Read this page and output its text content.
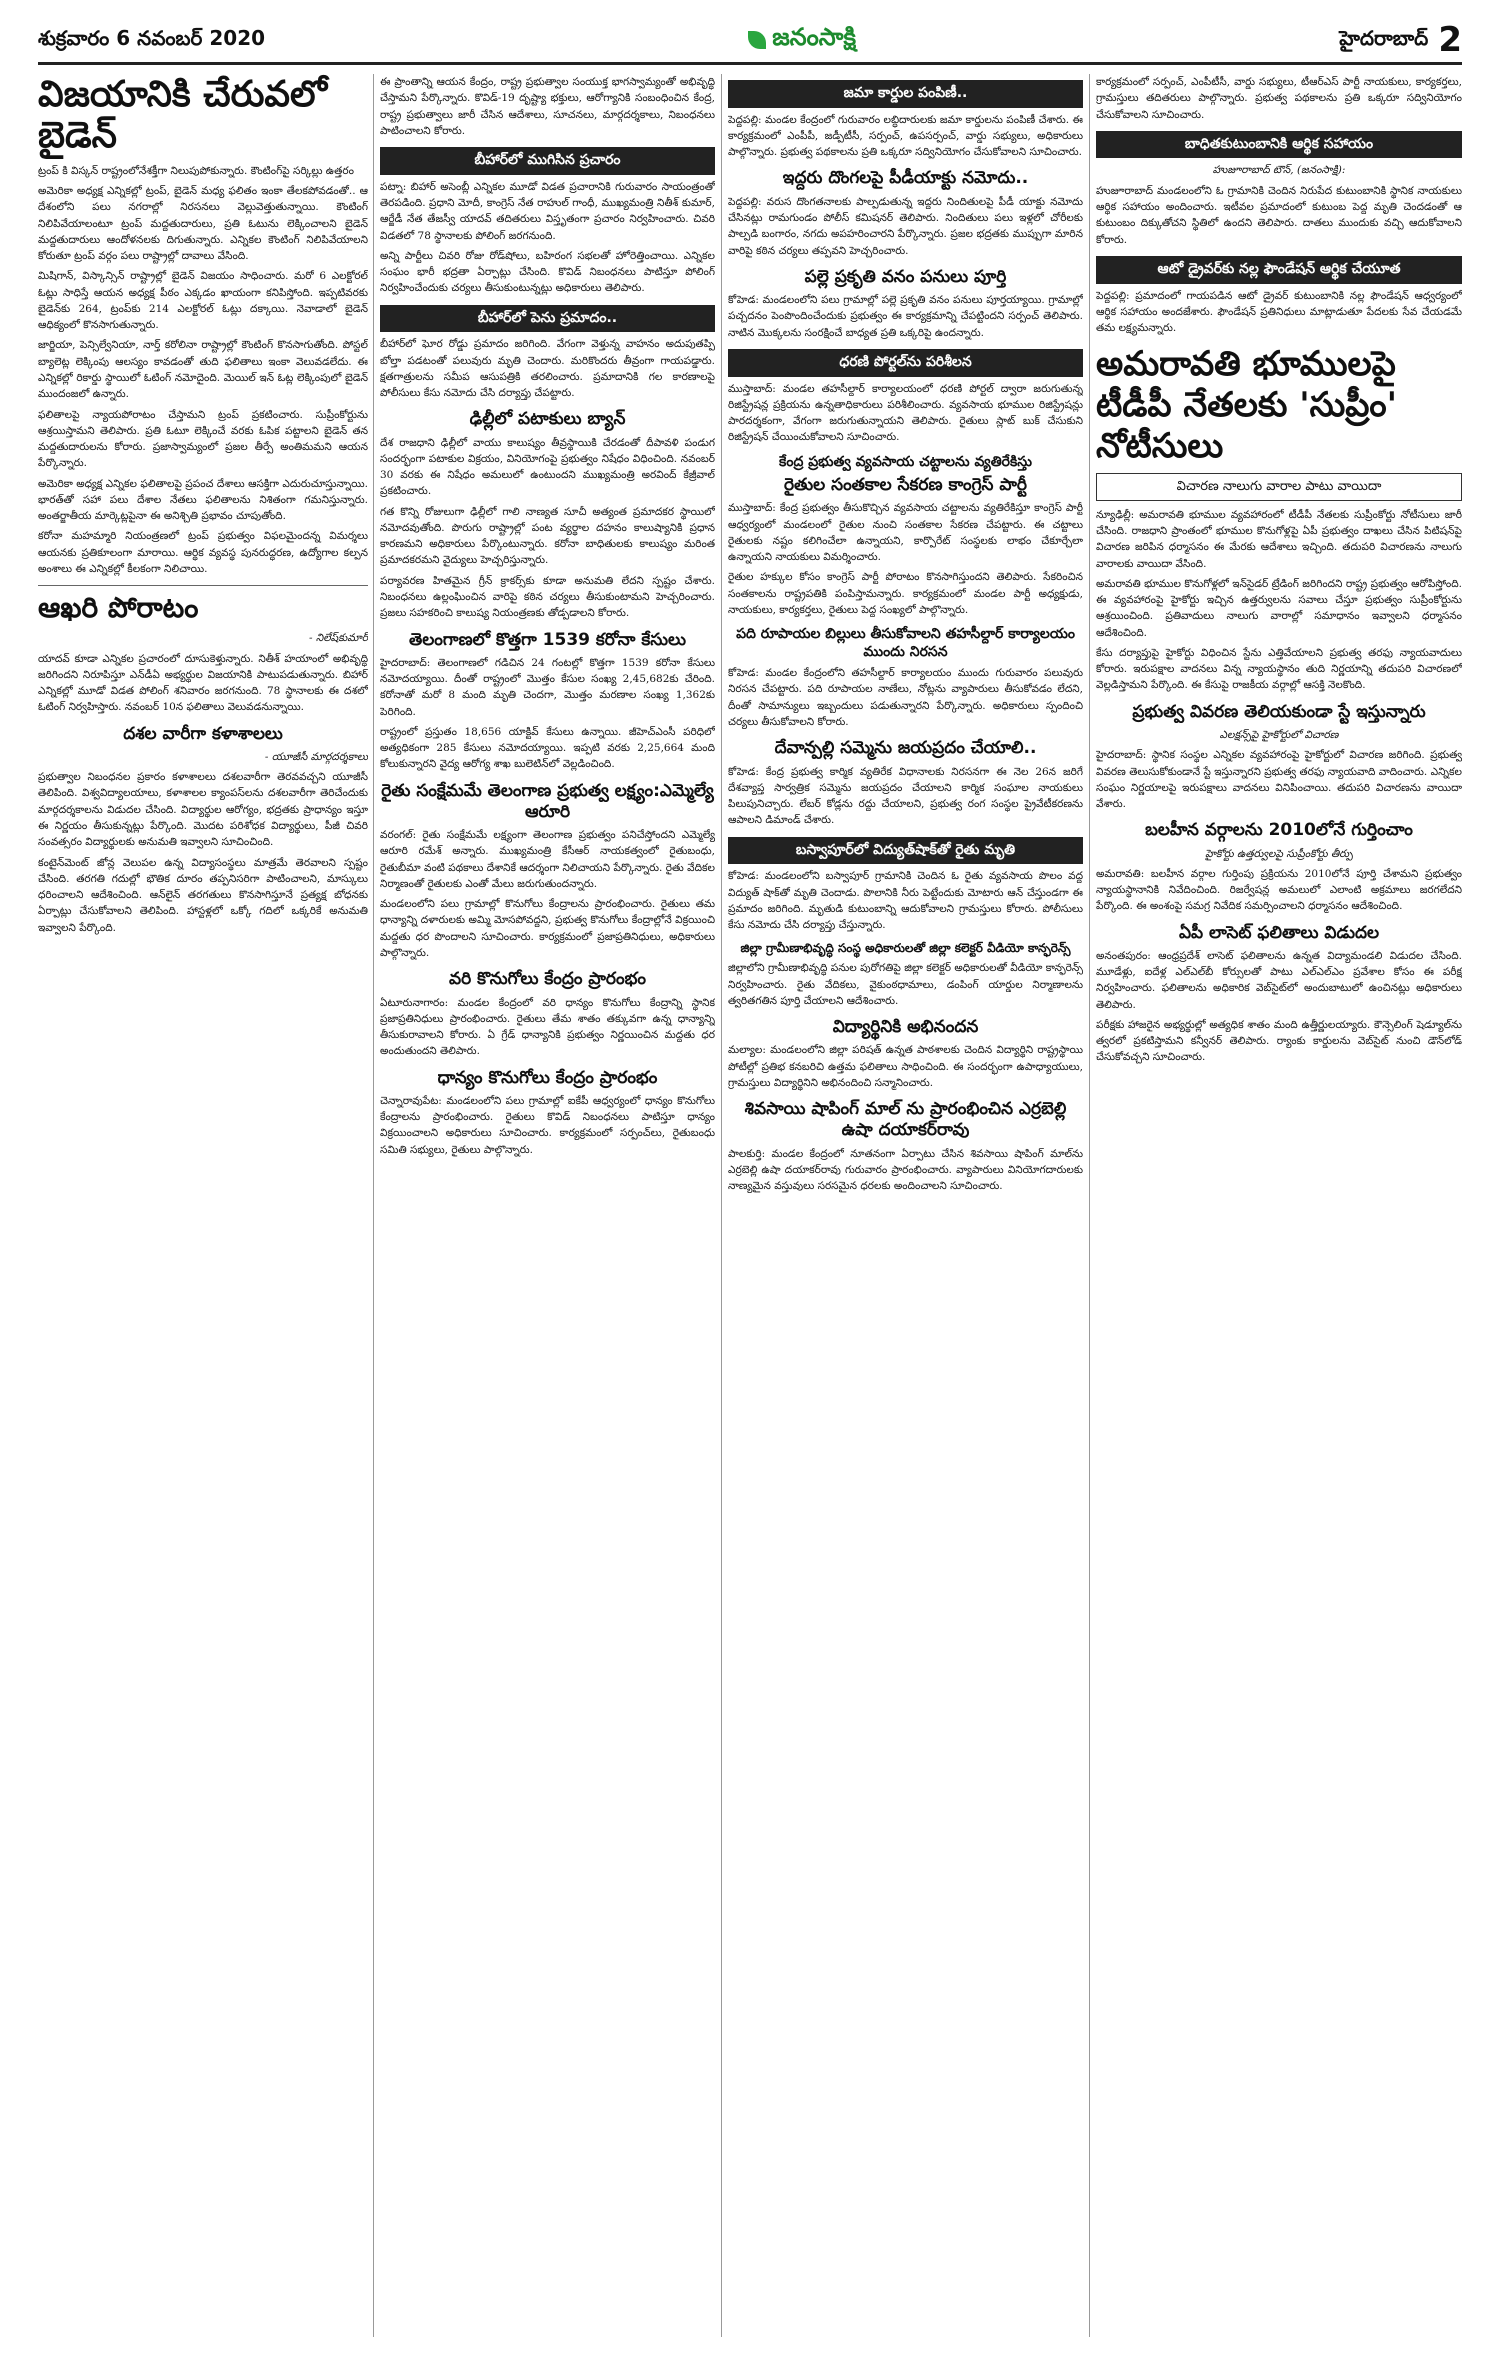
శుక్రవారం 6 నవంబర్ 2020	జనంసాక్షి	హైదరాబాద్ 2
విజయానికి చేరువలో బైడెన్‌

ట్రంప్‌ కి విస్కన్‌ రాష్ట్రంలోనేశక్తీగా నిలుపుపోకున్నారు. కౌంటింగ్‌పై సర్కిల్లు ఉత్తరం

అమెరికా అధ్యక్ష ఎన్నికల్లో ట్రంప్‌, బైడెన్‌ మధ్య ఫలితం ఇంకా తేలకపోవడంతో.. ఆ దేశంలోని పలు నగరాల్లో నిరసనలు వెల్లువెత్తుతున్నాయి. కౌంటింగ్‌ నిలిపివేయాలంటూ ట్రంప్‌ మద్దతుదారులు, ప్రతి ఓటును లెక్కించాలని బైడెన్‌ మద్దతుదారులు ఆందోళనలకు దిగుతున్నారు. ఎన్నికల కౌంటింగ్‌ నిలిపివేయాలని కోరుతూ ట్రంప్‌ వర్గం పలు రాష్ట్రాల్లో దావాలు వేసింది.

మిషిగాన్‌, విస్కాన్సిన్‌ రాష్ట్రాల్లో బైడెన్‌ విజయం సాధించారు. మరో 6 ఎలక్టోరల్‌ ఓట్లు సాధిస్తే ఆయన అధ్యక్ష పీఠం ఎక్కడం ఖాయంగా కనిపిస్తోంది. ఇప్పటివరకు బైడెన్‌కు 264, ట్రంప్‌కు 214 ఎలక్టోరల్‌ ఓట్లు దక్కాయి. నెవాడాలో బైడెన్‌ ఆధిక్యంలో కొనసాగుతున్నారు.

జార్జియా, పెన్సిల్వేనియా, నార్త్‌ కరోలినా రాష్ట్రాల్లో కౌంటింగ్‌ కొనసాగుతోంది. పోస్టల్‌ బ్యాలెట్ల లెక్కింపు ఆలస్యం కావడంతో తుది ఫలితాలు ఇంకా వెలువడలేదు. ఈ ఎన్నికల్లో రికార్డు స్థాయిలో ఓటింగ్‌ నమోదైంది. మెయిల్‌ ఇన్‌ ఓట్ల లెక్కింపులో బైడెన్‌ ముందంజలో ఉన్నారు.

ఫలితాలపై న్యాయపోరాటం చేస్తామని ట్రంప్‌ ప్రకటించారు. సుప్రీంకోర్టును ఆశ్రయిస్తామని తెలిపారు. ప్రతి ఓటూ లెక్కించే వరకు ఓపిక పట్టాలని బైడెన్‌ తన మద్దతుదారులను కోరారు. ప్రజాస్వామ్యంలో ప్రజల తీర్పే అంతిమమని ఆయన పేర్కొన్నారు.

అమెరికా అధ్యక్ష ఎన్నికల ఫలితాలపై ప్రపంచ దేశాలు ఆసక్తిగా ఎదురుచూస్తున్నాయి. భారత్‌తో సహా పలు దేశాల నేతలు ఫలితాలను నిశితంగా గమనిస్తున్నారు. అంతర్జాతీయ మార్కెట్లపైనా ఈ అనిశ్చితి ప్రభావం చూపుతోంది.

కరోనా మహమ్మారి నియంత్రణలో ట్రంప్‌ ప్రభుత్వం విఫలమైందన్న విమర్శలు ఆయనకు ప్రతికూలంగా మారాయి. ఆర్థిక వ్యవస్థ పునరుద్ధరణ, ఉద్యోగాల కల్పన అంశాలు ఈ ఎన్నికల్లో కీలకంగా నిలిచాయి.

ఆఖరి పోరాటం
- నిలేష్‌కుమార్‌

యాదవ్‌ కూడా ఎన్నికల ప్రచారంలో దూసుకెళ్తున్నారు. నితీశ్‌ హయాంలో అభివృద్ధి జరిగిందని నిరూపిస్తూ ఎన్‌డీఏ అభ్యర్థుల విజయానికి పాటుపడుతున్నారు. బిహార్‌ ఎన్నికల్లో మూడో విడత పోలింగ్‌ శనివారం జరగనుంది. 78 స్థానాలకు ఈ దశలో ఓటింగ్‌ నిర్వహిస్తారు. నవంబర్‌ 10న ఫలితాలు వెలువడనున్నాయి.

దశల వారీగా కళాశాలలు
- యూజీసీ మార్గదర్శకాలు

ప్రభుత్వాల నిబంధనల ప్రకారం కళాశాలలు దశలవారీగా తెరవవచ్చని యూజీసీ తెలిపింది. విశ్వవిద్యాలయాలు, కళాశాలల క్యాంపస్‌లను దశలవారీగా తెరిచేందుకు మార్గదర్శకాలను విడుదల చేసింది. విద్యార్థుల ఆరోగ్యం, భద్రతకు ప్రాధాన్యం ఇస్తూ ఈ నిర్ణయం తీసుకున్నట్లు పేర్కొంది. మొదట పరిశోధక విద్యార్థులు, పీజీ చివరి సంవత్సరం విద్యార్థులకు అనుమతి ఇవ్వాలని సూచించింది.

కంటైన్‌మెంట్‌ జోన్ల వెలుపల ఉన్న విద్యాసంస్థలు మాత్రమే తెరవాలని స్పష్టం చేసింది. తరగతి గదుల్లో భౌతిక దూరం తప్పనిసరిగా పాటించాలని, మాస్కులు ధరించాలని ఆదేశించింది. ఆన్‌లైన్‌ తరగతులు కొనసాగిస్తూనే ప్రత్యక్ష బోధనకు ఏర్పాట్లు చేసుకోవాలని తెలిపింది. హాస్టళ్లలో ఒక్కో గదిలో ఒక్కరికే అనుమతి ఇవ్వాలని పేర్కొంది.

ఈ ప్రాంతాన్ని ఆయన కేంద్రం, రాష్ట్ర ప్రభుత్వాల సంయుక్త భాగస్వామ్యంతో అభివృద్ధి చేస్తామని పేర్కొన్నారు. కొవిడ్‌-19 దృష్ట్యా భక్తులు, ఆరోగ్యానికి సంబంధించిన కేంద్ర, రాష్ట్ర ప్రభుత్వాలు జారీ చేసిన ఆదేశాలు, సూచనలు, మార్గదర్శకాలు, నిబంధనలు పాటించాలని కోరారు.

బీహార్‌లో ముగిసిన ప్రచారం

పట్నా: బిహార్‌ అసెంబ్లీ ఎన్నికల మూడో విడత ప్రచారానికి గురువారం సాయంత్రంతో తెరపడింది. ప్రధాని మోదీ, కాంగ్రెస్‌ నేత రాహుల్‌ గాంధీ, ముఖ్యమంత్రి నితీశ్‌ కుమార్‌, ఆర్జేడీ నేత తేజస్వీ యాదవ్‌ తదితరులు విస్తృతంగా ప్రచారం నిర్వహించారు. చివరి విడతలో 78 స్థానాలకు పోలింగ్‌ జరగనుంది.

అన్ని పార్టీలు చివరి రోజు రోడ్‌షోలు, బహిరంగ సభలతో హోరెత్తించాయి. ఎన్నికల సంఘం భారీ భద్రతా ఏర్పాట్లు చేసింది. కొవిడ్‌ నిబంధనలు పాటిస్తూ పోలింగ్‌ నిర్వహించేందుకు చర్యలు తీసుకుంటున్నట్లు అధికారులు తెలిపారు.

బీహార్‌లో పెను ప్రమాదం..

బీహార్‌లో ఘోర రోడ్డు ప్రమాదం జరిగింది. వేగంగా వెళ్తున్న వాహనం అదుపుతప్పి బోల్తా పడటంతో పలువురు మృతి చెందారు. మరికొందరు తీవ్రంగా గాయపడ్డారు. క్షతగాత్రులను సమీప ఆసుపత్రికి తరలించారు. ప్రమాదానికి గల కారణాలపై పోలీసులు కేసు నమోదు చేసి దర్యాప్తు చేపట్టారు.

ఢిల్లీలో పటాకులు బ్యాన్‌

దేశ రాజధాని ఢిల్లీలో వాయు కాలుష్యం తీవ్రస్థాయికి చేరడంతో దీపావళి పండుగ సందర్భంగా పటాకుల విక్రయం, వినియోగంపై ప్రభుత్వం నిషేధం విధించింది. నవంబర్‌ 30 వరకు ఈ నిషేధం అమలులో ఉంటుందని ముఖ్యమంత్రి అరవింద్‌ కేజ్రీవాల్‌ ప్రకటించారు.

గత కొన్ని రోజులుగా ఢిల్లీలో గాలి నాణ్యత సూచీ అత్యంత ప్రమాదకర స్థాయిలో నమోదవుతోంది. పొరుగు రాష్ట్రాల్లో పంట వ్యర్థాల దహనం కాలుష్యానికి ప్రధాన కారణమని అధికారులు పేర్కొంటున్నారు. కరోనా బాధితులకు కాలుష్యం మరింత ప్రమాదకరమని వైద్యులు హెచ్చరిస్తున్నారు.

పర్యావరణ హితమైన గ్రీన్‌ క్రాకర్స్‌కు కూడా అనుమతి లేదని స్పష్టం చేశారు. నిబంధనలు ఉల్లంఘించిన వారిపై కఠిన చర్యలు తీసుకుంటామని హెచ్చరించారు. ప్రజలు సహకరించి కాలుష్య నియంత్రణకు తోడ్పడాలని కోరారు.

తెలంగాణలో కొత్తగా 1539 కరోనా కేసులు

హైదరాబాద్‌: తెలంగాణలో గడిచిన 24 గంటల్లో కొత్తగా 1539 కరోనా కేసులు నమోదయ్యాయి. దీంతో రాష్ట్రంలో మొత్తం కేసుల సంఖ్య 2,45,682కు చేరింది. కరోనాతో మరో 8 మంది మృతి చెందగా, మొత్తం మరణాల సంఖ్య 1,362కు పెరిగింది.

రాష్ట్రంలో ప్రస్తుతం 18,656 యాక్టివ్‌ కేసులు ఉన్నాయి. జీహెచ్‌ఎంసీ పరిధిలో అత్యధికంగా 285 కేసులు నమోదయ్యాయి. ఇప్పటి వరకు 2,25,664 మంది కోలుకున్నారని వైద్య ఆరోగ్య శాఖ బులెటిన్‌లో వెల్లడించింది.

రైతు సంక్షేమమే తెలంగాణ ప్రభుత్వ లక్ష్యం:ఎమ్మెల్యే ఆరూరి

వరంగల్‌: రైతు సంక్షేమమే లక్ష్యంగా తెలంగాణ ప్రభుత్వం పనిచేస్తోందని ఎమ్మెల్యే ఆరూరి రమేశ్‌ అన్నారు. ముఖ్యమంత్రి కేసీఆర్‌ నాయకత్వంలో రైతుబంధు, రైతుబీమా వంటి పథకాలు దేశానికే ఆదర్శంగా నిలిచాయని పేర్కొన్నారు. రైతు వేదికల నిర్మాణంతో రైతులకు ఎంతో మేలు జరుగుతుందన్నారు.

మండలంలోని పలు గ్రామాల్లో కొనుగోలు కేంద్రాలను ప్రారంభించారు. రైతులు తమ ధాన్యాన్ని దళారులకు అమ్మి మోసపోవద్దని, ప్రభుత్వ కొనుగోలు కేంద్రాల్లోనే విక్రయించి మద్దతు ధర పొందాలని సూచించారు. కార్యక్రమంలో ప్రజాప్రతినిధులు, అధికారులు పాల్గొన్నారు.

వరి కొనుగోలు కేంద్రం ప్రారంభం

ఏటూరునాగారం: మండల కేంద్రంలో వరి ధాన్యం కొనుగోలు కేంద్రాన్ని స్థానిక ప్రజాప్రతినిధులు ప్రారంభించారు. రైతులు తేమ శాతం తక్కువగా ఉన్న ధాన్యాన్ని తీసుకురావాలని కోరారు. ఏ గ్రేడ్‌ ధాన్యానికి ప్రభుత్వం నిర్ణయించిన మద్దతు ధర అందుతుందని తెలిపారు.

ధాన్యం కొనుగోలు కేంద్రం ప్రారంభం

చెన్నారావుపేట: మండలంలోని పలు గ్రామాల్లో ఐకేపీ ఆధ్వర్యంలో ధాన్యం కొనుగోలు కేంద్రాలను ప్రారంభించారు. రైతులు కొవిడ్‌ నిబంధనలు పాటిస్తూ ధాన్యం విక్రయించాలని అధికారులు సూచించారు. కార్యక్రమంలో సర్పంచ్‌లు, రైతుబంధు సమితి సభ్యులు, రైతులు పాల్గొన్నారు.

జమా కార్డుల పంపిణీ..

పెద్దపల్లి: మండల కేంద్రంలో గురువారం లబ్ధిదారులకు జమా కార్డులను పంపిణీ చేశారు. ఈ కార్యక్రమంలో ఎంపీపీ, జడ్పీటీసీ, సర్పంచ్‌, ఉపసర్పంచ్‌, వార్డు సభ్యులు, అధికారులు పాల్గొన్నారు. ప్రభుత్వ పథకాలను ప్రతి ఒక్కరూ సద్వినియోగం చేసుకోవాలని సూచించారు.

ఇద్దరు దొంగలపై పీడీయాక్టు నమోదు..

పెద్దపల్లి: వరుస దొంగతనాలకు పాల్పడుతున్న ఇద్దరు నిందితులపై పీడీ యాక్టు నమోదు చేసినట్లు రామగుండం పోలీస్‌ కమిషనర్‌ తెలిపారు. నిందితులు పలు ఇళ్లలో చోరీలకు పాల్పడి బంగారం, నగదు అపహరించారని పేర్కొన్నారు. ప్రజల భద్రతకు ముప్పుగా మారిన వారిపై కఠిన చర్యలు తప్పవని హెచ్చరించారు.

పల్లె ప్రకృతి వనం పనులు పూర్తి

కోహెడ: మండలంలోని పలు గ్రామాల్లో పల్లె ప్రకృతి వనం పనులు పూర్తయ్యాయి. గ్రామాల్లో పచ్చదనం పెంపొందించేందుకు ప్రభుత్వం ఈ కార్యక్రమాన్ని చేపట్టిందని సర్పంచ్‌ తెలిపారు. నాటిన మొక్కలను సంరక్షించే బాధ్యత ప్రతి ఒక్కరిపై ఉందన్నారు.

ధరణి పోర్టల్‌ను పరిశీలన

ముస్తాబాద్‌: మండల తహసీల్దార్‌ కార్యాలయంలో ధరణి పోర్టల్‌ ద్వారా జరుగుతున్న రిజిస్ట్రేషన్ల ప్రక్రియను ఉన్నతాధికారులు పరిశీలించారు. వ్యవసాయ భూముల రిజిస్ట్రేషన్లు పారదర్శకంగా, వేగంగా జరుగుతున్నాయని తెలిపారు. రైతులు స్లాట్‌ బుక్‌ చేసుకుని రిజిస్ట్రేషన్‌ చేయించుకోవాలని సూచించారు.

కేంద్ర ప్రభుత్వ వ్యవసాయ చట్టాలను వ్యతిరేకిస్తు
రైతుల సంతకాల సేకరణ కాంగ్రెస్‌ పార్టీ

ముస్తాబాద్‌: కేంద్ర ప్రభుత్వం తీసుకొచ్చిన వ్యవసాయ చట్టాలను వ్యతిరేకిస్తూ కాంగ్రెస్‌ పార్టీ ఆధ్వర్యంలో మండలంలో రైతుల నుంచి సంతకాల సేకరణ చేపట్టారు. ఈ చట్టాలు రైతులకు నష్టం కలిగించేలా ఉన్నాయని, కార్పొరేట్‌ సంస్థలకు లాభం చేకూర్చేలా ఉన్నాయని నాయకులు విమర్శించారు.

రైతుల హక్కుల కోసం కాంగ్రెస్‌ పార్టీ పోరాటం కొనసాగిస్తుందని తెలిపారు. సేకరించిన సంతకాలను రాష్ట్రపతికి పంపిస్తామన్నారు. కార్యక్రమంలో మండల పార్టీ అధ్యక్షుడు, నాయకులు, కార్యకర్తలు, రైతులు పెద్ద సంఖ్యలో పాల్గొన్నారు.

పది రూపాయల బిల్లులు తీసుకోవాలని తహసీల్దార్‌ కార్యాలయం ముందు నిరసన

కోహెడ: మండల కేంద్రంలోని తహసీల్దార్‌ కార్యాలయం ముందు గురువారం పలువురు నిరసన చేపట్టారు. పది రూపాయల నాణేలు, నోట్లను వ్యాపారులు తీసుకోవడం లేదని, దీంతో సామాన్యులు ఇబ్బందులు పడుతున్నారని పేర్కొన్నారు. అధికారులు స్పందించి చర్యలు తీసుకోవాలని కోరారు.

దేవాన్పల్లి సమ్మెను జయప్రదం చేయాలి..

కోహెడ: కేంద్ర ప్రభుత్వ కార్మిక వ్యతిరేక విధానాలకు నిరసనగా ఈ నెల 26న జరిగే దేశవ్యాప్త సార్వత్రిక సమ్మెను జయప్రదం చేయాలని కార్మిక సంఘాల నాయకులు పిలుపునిచ్చారు. లేబర్‌ కోడ్లను రద్దు చేయాలని, ప్రభుత్వ రంగ సంస్థల ప్రైవేటీకరణను ఆపాలని డిమాండ్‌ చేశారు.

బస్వాపూర్‌లో విద్యుత్‌షాక్‌తో రైతు మృతి

కోహెడ: మండలంలోని బస్వాపూర్‌ గ్రామానికి చెందిన ఓ రైతు వ్యవసాయ పొలం వద్ద విద్యుత్‌ షాక్‌తో మృతి చెందాడు. పొలానికి నీరు పెట్టేందుకు మోటారు ఆన్‌ చేస్తుండగా ఈ ప్రమాదం జరిగింది. మృతుడి కుటుంబాన్ని ఆదుకోవాలని గ్రామస్తులు కోరారు. పోలీసులు కేసు నమోదు చేసి దర్యాప్తు చేస్తున్నారు.

జిల్లా గ్రామీణాభివృద్ధి సంస్థ అధికారులతో జిల్లా కలెక్టర్‌ వీడియో కాన్ఫరెన్స్‌

జిల్లాలోని గ్రామీణాభివృద్ధి పనుల పురోగతిపై జిల్లా కలెక్టర్‌ అధికారులతో వీడియో కాన్ఫరెన్స్‌ నిర్వహించారు. రైతు వేదికలు, వైకుంఠధామాలు, డంపింగ్‌ యార్డుల నిర్మాణాలను త్వరితగతిన పూర్తి చేయాలని ఆదేశించారు.

విద్యార్థినికి అభినందన

మల్యాల: మండలంలోని జిల్లా పరిషత్‌ ఉన్నత పాఠశాలకు చెందిన విద్యార్థిని రాష్ట్రస్థాయి పోటీల్లో ప్రతిభ కనబరిచి ఉత్తమ ఫలితాలు సాధించింది. ఈ సందర్భంగా ఉపాధ్యాయులు, గ్రామస్తులు విద్యార్థినిని అభినందించి సన్మానించారు.

శివసాయి షాపింగ్‌ మాల్‌ ను ప్రారంభించిన ఎర్రబెల్లి ఉషా దయాకర్‌రావు

పాలకుర్తి: మండల కేంద్రంలో నూతనంగా ఏర్పాటు చేసిన శివసాయి షాపింగ్‌ మాల్‌ను ఎర్రబెల్లి ఉషా దయాకర్‌రావు గురువారం ప్రారంభించారు. వ్యాపారులు వినియోగదారులకు నాణ్యమైన వస్తువులు సరసమైన ధరలకు అందించాలని సూచించారు.

కార్యక్రమంలో సర్పంచ్‌, ఎంపీటీసీ, వార్డు సభ్యులు, టీఆర్‌ఎస్‌ పార్టీ నాయకులు, కార్యకర్తలు, గ్రామస్తులు తదితరులు పాల్గొన్నారు. ప్రభుత్వ పథకాలను ప్రతి ఒక్కరూ సద్వినియోగం చేసుకోవాలని సూచించారు.

బాధితకుటుంబానికి ఆర్థిక సహాయం
హుజూరాబాద్‌ టౌన్‌, (జనంసాక్షి):

హుజూరాబాద్‌ మండలంలోని ఓ గ్రామానికి చెందిన నిరుపేద కుటుంబానికి స్థానిక నాయకులు ఆర్థిక సహాయం అందించారు. ఇటీవల ప్రమాదంలో కుటుంబ పెద్ద మృతి చెందడంతో ఆ కుటుంబం దిక్కుతోచని స్థితిలో ఉందని తెలిపారు. దాతలు ముందుకు వచ్చి ఆదుకోవాలని కోరారు.

ఆటో డ్రైవర్‌కు నల్ల ఫౌండేషన్‌ ఆర్థిక చేయూత

పెద్దపల్లి: ప్రమాదంలో గాయపడిన ఆటో డ్రైవర్‌ కుటుంబానికి నల్ల ఫౌండేషన్‌ ఆధ్వర్యంలో ఆర్థిక సహాయం అందజేశారు. ఫౌండేషన్‌ ప్రతినిధులు మాట్లాడుతూ పేదలకు సేవ చేయడమే తమ లక్ష్యమన్నారు.

అమరావతి భూములపై టీడీపీ నేతలకు 'సుప్రీం' నోటీసులు
విచారణ నాలుగు వారాల పాటు వాయిదా

న్యూఢిల్లీ: అమరావతి భూముల వ్యవహారంలో టీడీపీ నేతలకు సుప్రీంకోర్టు నోటీసులు జారీ చేసింది. రాజధాని ప్రాంతంలో భూముల కొనుగోళ్లపై ఏపీ ప్రభుత్వం దాఖలు చేసిన పిటిషన్‌పై విచారణ జరిపిన ధర్మాసనం ఈ మేరకు ఆదేశాలు ఇచ్చింది. తదుపరి విచారణను నాలుగు వారాలకు వాయిదా వేసింది.

అమరావతి భూముల కొనుగోళ్లలో ఇన్‌సైడర్‌ ట్రేడింగ్‌ జరిగిందని రాష్ట్ర ప్రభుత్వం ఆరోపిస్తోంది. ఈ వ్యవహారంపై హైకోర్టు ఇచ్చిన ఉత్తర్వులను సవాలు చేస్తూ ప్రభుత్వం సుప్రీంకోర్టును ఆశ్రయించింది. ప్రతివాదులు నాలుగు వారాల్లో సమాధానం ఇవ్వాలని ధర్మాసనం ఆదేశించింది.

కేసు దర్యాప్తుపై హైకోర్టు విధించిన స్టేను ఎత్తివేయాలని ప్రభుత్వ తరఫు న్యాయవాదులు కోరారు. ఇరుపక్షాల వాదనలు విన్న న్యాయస్థానం తుది నిర్ణయాన్ని తదుపరి విచారణలో వెల్లడిస్తామని పేర్కొంది. ఈ కేసుపై రాజకీయ వర్గాల్లో ఆసక్తి నెలకొంది.

ప్రభుత్వ వివరణ తెలియకుండా స్టే ఇస్తున్నారు
ఎలక్షన్స్‌పై హైకోర్టులో విచారణ

హైదరాబాద్‌: స్థానిక సంస్థల ఎన్నికల వ్యవహారంపై హైకోర్టులో విచారణ జరిగింది. ప్రభుత్వ వివరణ తెలుసుకోకుండానే స్టే ఇస్తున్నారని ప్రభుత్వ తరఫు న్యాయవాది వాదించారు. ఎన్నికల సంఘం నిర్ణయాలపై ఇరుపక్షాలు వాదనలు వినిపించాయి. తదుపరి విచారణను వాయిదా వేశారు.

బలహీన వర్గాలను 2010లోనే గుర్తించాం
హైకోర్టు ఉత్తర్వులపై సుప్రీంకోర్టు తీర్పు

అమరావతి: బలహీన వర్గాల గుర్తింపు ప్రక్రియను 2010లోనే పూర్తి చేశామని ప్రభుత్వం న్యాయస్థానానికి నివేదించింది. రిజర్వేషన్ల అమలులో ఎలాంటి అక్రమాలు జరగలేదని పేర్కొంది. ఈ అంశంపై సమగ్ర నివేదిక సమర్పించాలని ధర్మాసనం ఆదేశించింది.

ఏపీ లాసెట్‌ ఫలితాలు విడుదల

అనంతపురం: ఆంధ్రప్రదేశ్‌ లాసెట్‌ ఫలితాలను ఉన్నత విద్యామండలి విడుదల చేసింది. మూడేళ్లు, ఐదేళ్ల ఎల్‌ఎల్‌బీ కోర్సులతో పాటు ఎల్‌ఎల్‌ఎం ప్రవేశాల కోసం ఈ పరీక్ష నిర్వహించారు. ఫలితాలను అధికారిక వెబ్‌సైట్‌లో అందుబాటులో ఉంచినట్లు అధికారులు తెలిపారు.

పరీక్షకు హాజరైన అభ్యర్థుల్లో అత్యధిక శాతం మంది ఉత్తీర్ణులయ్యారు. కౌన్సెలింగ్‌ షెడ్యూల్‌ను త్వరలో ప్రకటిస్తామని కన్వీనర్‌ తెలిపారు. ర్యాంకు కార్డులను వెబ్‌సైట్‌ నుంచి డౌన్‌లోడ్‌ చేసుకోవచ్చని సూచించారు.
